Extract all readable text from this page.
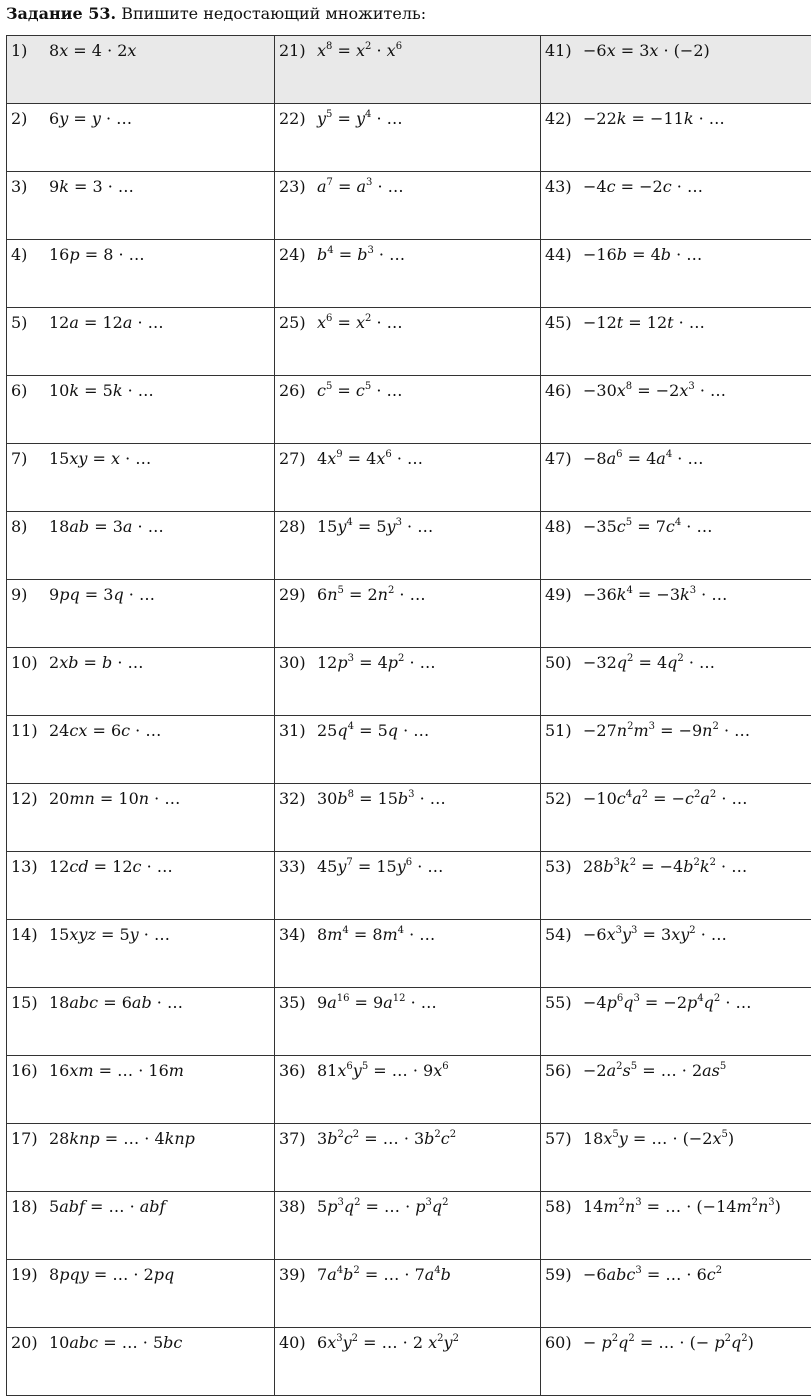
Задание 53. Впишите недостающий множитель:
1) 8x = 4 · 2x	21) $x^8 = x^2 \cdot x^6$	41) −6x = 3x · (−2)

2) 6y = y · …	22) $y^5 = y^4$ · …	42) −22k = −11k · …

3) 9k = 3 · …	23) $a^7 = a^3$ · …	43) −4c = −2c · …

4) 16p = 8 · …	24) $b^4 = b^3$ · …	44) −16b = 4b · …

5) 12a = 12a · …	25) $x^6 = x^2$ · …	45) −12t = 12t · …

6) 10k = 5k · …	26) $c^5 = c^5$ · …	$46) -30x^8 = -2x^3$ · …

7) 15xy = x · …	27) $4x^9 = 4x^6$ · …	$47) -8a^6 = 4a^4$ · …

8) 18ab = 3a · …	28) $15y^4 = 5y^3$ · …	$48) -35c^5 = 7c^4$ · …

9) 9pq = 3q · …	29) $6n^5 = 2n^2$ · …	$49) -36k^4 = -3k^3$ · …

10) 2xb = b · …	30) $12p^3 = 4p^2$ · …	$50) -32q^2 = 4q^2$ · …

11) 24cx = 6c · …	31) $25q^4 = 5q$ · …	$51) -27n^2m^3 = -9n^2$ · …

12) 20mn = 10n · …	32) $30b^8 = 15b^3$ · …	$52) -10c^4a^2 = -c^2a^2$ · …

13) 12cd = 12c · …	33) $45y^7 = 15y^6$ · …	53) $28b^3k^2 = -4b^2k^2$ · …

14) 15xyz = 5y · …	34) $8m^4 = 8m^4$ · …	$54) -6x^3y^3 = 3xy^2$ · …

15) 18abc = 6ab · …	35) $9a^{16} = 9a^{12}$ · …	$55) -4p^6q^3 = -2p^4q^2$ · …

16) 16xm = … · 16m	36) $81x^6y^5$ = … · $9x^6$	$56) -2a^2s^5$ = … · $2as^5$

17) 28knp = … · 4knp	37) $3b^2c^2$ = … · $3b^2c^2$	57) $18x^5y$ = … · $(-2x^5)$

18) 5abf = … · abf	38) $5p^3q^2$ = … · $p^3q^2$	58) $14m^2n^3$ = … · $(-14m^2n^3)$

19) 8pqy = … · 2pq	39) $7a^4b^2$ = … · $7a^4b$	59) −6abc$^3$ = … · $6c^2$

20) 10abc = … · 5bc	40) $6x^3y^2$ = … · 2 $x^2y^2$	$60) - p^2q^2$ = … · (− $p^2q^2$)
